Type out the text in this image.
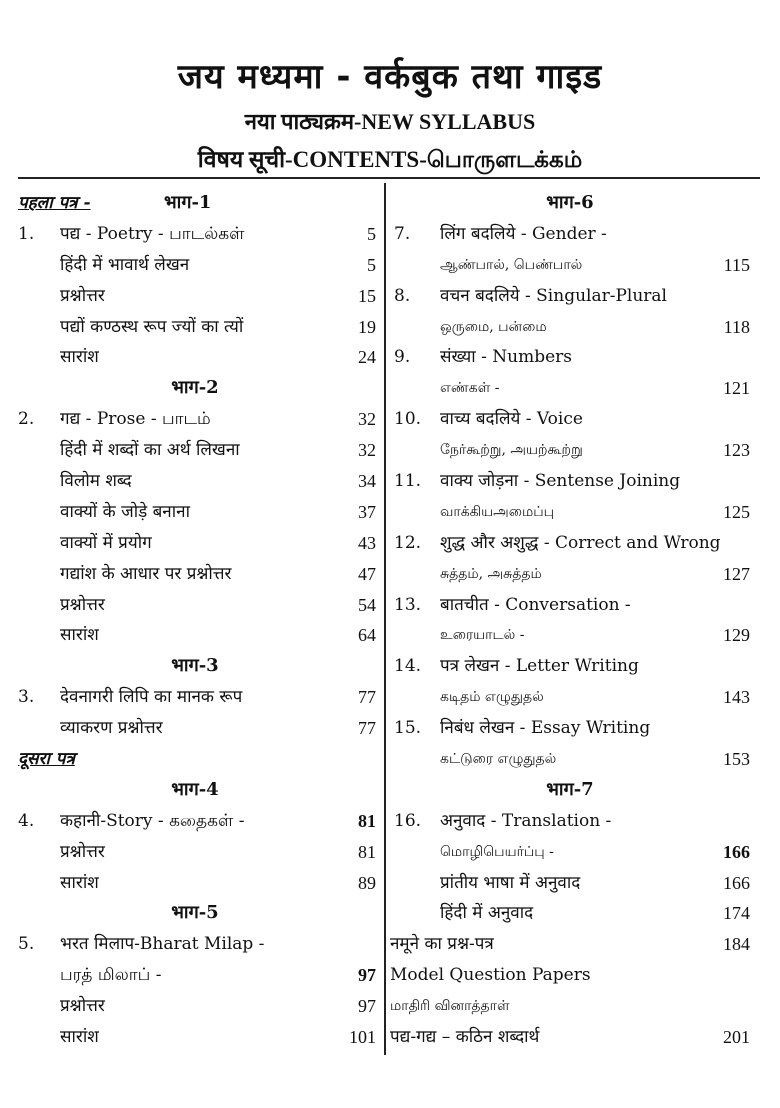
जय मध्यमा - वर्कबुक तथा गाइड
नया पाठ्यक्रम-NEW SYLLABUS
विषय सूची-CONTENTS-பொருளடக்கம்
पहला पत्र -	भाग-1
1. पद्य - Poetry - பாடல்கள்	5
हिंदी में भावार्थ लेखन	5
प्रश्नोत्तर	15
पद्यों कण्ठस्थ रूप ज्यों का त्यों	19
सारांश	24
भाग-2
2. गद्य - Prose - பாடம்	32
हिंदी में शब्दों का अर्थ लिखना	32
विलोम शब्द	34
वाक्यों के जोड़े बनाना	37
वाक्यों में प्रयोग	43
गद्यांश के आधार पर प्रश्नोत्तर	47
प्रश्नोत्तर	54
सारांश	64
भाग-3
3. देवनागरी लिपि का मानक रूप	77
व्याकरण प्रश्नोत्तर	77
दूसरा पत्र
भाग-4
4. कहानी-Story - கதைகள் -	81
प्रश्नोत्तर	81
सारांश	89
भाग-5
5. भरत मिलाप-Bharat Milap -
பரத் மிலாப் -	97
प्रश्नोत्तर	97
सारांश	101
भाग-6
7. लिंग बदलिये - Gender -
ஆண்பால், பெண்பால்	115
8. वचन बदलिये - Singular-Plural
ஒருமை, பன்மை	118
9. संख्या - Numbers
எண்கள் -	121
10. वाच्य बदलिये - Voice
நேர்கூற்று, அயற்கூற்று	123
11. वाक्य जोड़ना - Sentense Joining
வாக்கியஅமைப்பு	125
12. शुद्ध और अशुद्ध - Correct and Wrong
சுத்தம், அசுத்தம்	127
13. बातचीत - Conversation -
உரையாடல் -	129
14. पत्र लेखन - Letter Writing
கடிதம் எழுதுதல்	143
15. निबंध लेखन - Essay Writing
கட்டுரை எழுதுதல்	153
भाग-7
16. अनुवाद - Translation -
மொழிபெயர்ப்பு -	166
प्रांतीय भाषा में अनुवाद	166
हिंदी में अनुवाद	174
नमूने का प्रश्न-पत्र	184
Model Question Papers
மாதிரி வினாத்தாள்
पद्य-गद्य – कठिन शब्दार्थ	201
